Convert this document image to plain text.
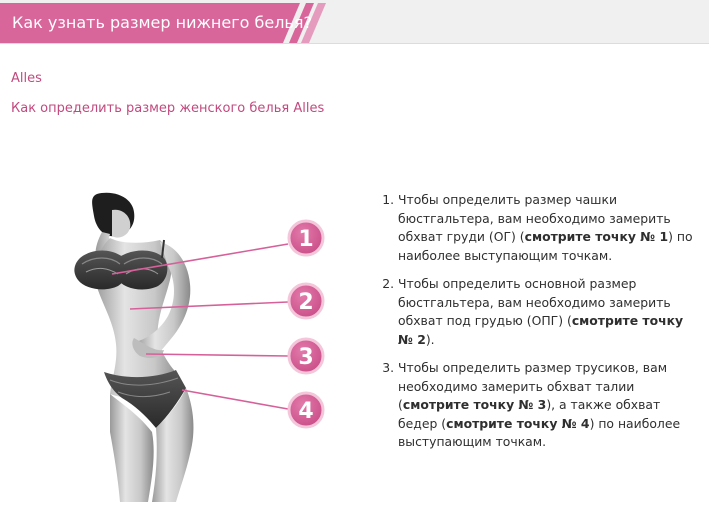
Как узнать размер нижнего белья?
Alles
Как определить размер женского белья Alles
1
2
3
4
1. Чтобы определить размер чашки бюстгальтера, вам необходимо замерить обхват груди (ОГ) (смотрите точку № 1) по наиболее выступающим точкам.
2. Чтобы определить основной размер бюстгальтера, вам необходимо замерить обхват под грудью (ОПГ) (смотрите точку № 2).
3. Чтобы определить размер трусиков, вам необходимо замерить обхват талии (смотрите точку № 3), а также обхват бедер (смотрите точку № 4) по наиболее выступающим точкам.
